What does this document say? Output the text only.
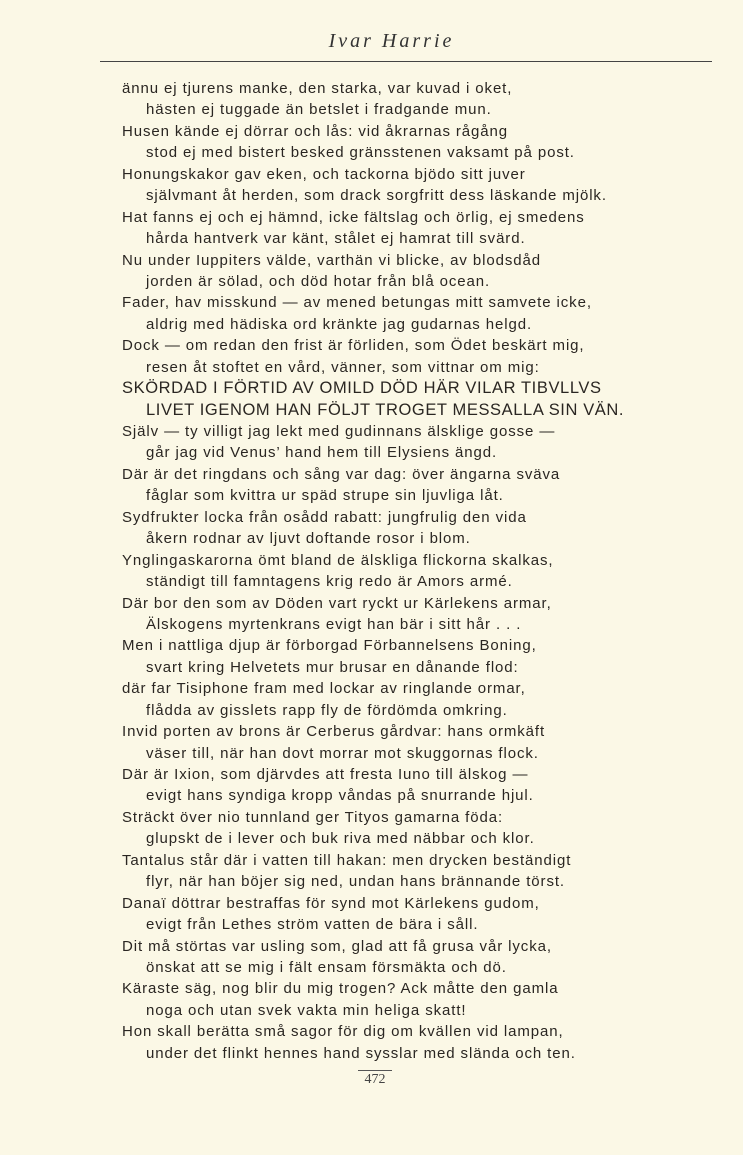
Ivar Harrie
ännu ej tjurens manke, den starka, var kuvad i oket,
hästen ej tuggade än betslet i fradgande mun.
Husen kände ej dörrar och lås: vid åkrarnas rågång
stod ej med bistert besked gränsstenen vaksamt på post.
Honungskakor gav eken, och tackorna bjödo sitt juver
självmant åt herden, som drack sorgfritt dess läskande mjölk.
Hat fanns ej och ej hämnd, icke fältslag och örlig, ej smedens
hårda hantverk var känt, stålet ej hamrat till svärd.
Nu under Iuppiters välde, varthän vi blicke, av blodsdåd
jorden är sölad, och död hotar från blå ocean.
Fader, hav misskund — av mened betungas mitt samvete icke,
aldrig med hädiska ord kränkte jag gudarnas helgd.
Dock — om redan den frist är förliden, som Ödet beskärt mig,
resen åt stoftet en vård, vänner, som vittnar om mig:
SKÖRDAD I FÖRTID AV OMILD DÖD HÄR VILAR TIBVLLVS
LIVET IGENOM HAN FÖLJT TROGET MESSALLA SIN VÄN.
Själv — ty villigt jag lekt med gudinnans älsklige gosse —
går jag vid Venus’ hand hem till Elysiens ängd.
Där är det ringdans och sång var dag: över ängarna sväva
fåglar som kvittra ur späd strupe sin ljuvliga låt.
Sydfrukter locka från osådd rabatt: jungfrulig den vida
åkern rodnar av ljuvt doftande rosor i blom.
Ynglingaskarorna ömt bland de älskliga flickorna skalkas,
ständigt till famntagens krig redo är Amors armé.
Där bor den som av Döden vart ryckt ur Kärlekens armar,
Älskogens myrtenkrans evigt han bär i sitt hår . . .
Men i nattliga djup är förborgad Förbannelsens Boning,
svart kring Helvetets mur brusar en dånande flod:
där far Tisiphone fram med lockar av ringlande ormar,
flådda av gisslets rapp fly de fördömda omkring.
Invid porten av brons är Cerberus gårdvar: hans ormkäft
väser till, när han dovt morrar mot skuggornas flock.
Där är Ixion, som djärvdes att fresta Iuno till älskog —
evigt hans syndiga kropp våndas på snurrande hjul.
Sträckt över nio tunnland ger Tityos gamarna föda:
glupskt de i lever och buk riva med näbbar och klor.
Tantalus står där i vatten till hakan: men drycken beständigt
flyr, när han böjer sig ned, undan hans brännande törst.
Danaï döttrar bestraffas för synd mot Kärlekens gudom,
evigt från Lethes ström vatten de bära i såll.
Dit må störtas var usling som, glad att få grusa vår lycka,
önskat att se mig i fält ensam försmäkta och dö.
Käraste säg, nog blir du mig trogen? Ack måtte den gamla
noga och utan svek vakta min heliga skatt!
Hon skall berätta små sagor för dig om kvällen vid lampan,
under det flinkt hennes hand sysslar med slända och ten.
472
